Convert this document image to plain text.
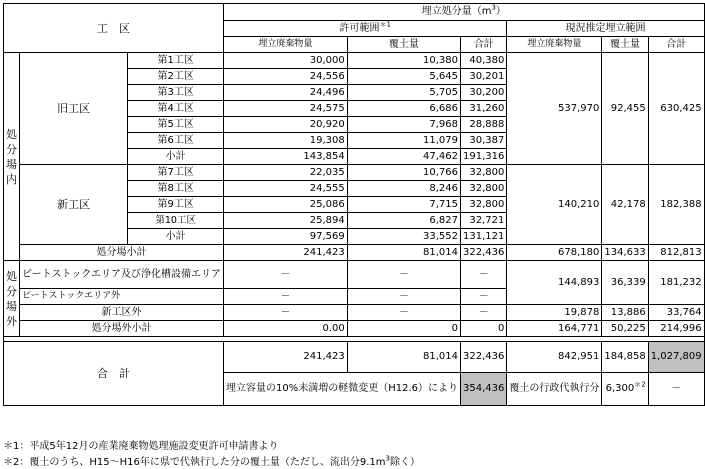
工　区			埋立処分量$(m^3)$					
			許可範囲$^{*1}$			現況推定埋立範囲		
			埋立廃棄物量	覆土量	合計	埋立廃棄物量	覆土量	合計

処
分
場
内	旧工区	第1工区	30,000	10,380	40,380	537,970	92,455	630,425
		第2工区	24,556	5,645	30,201			
		第3工区	24,496	5,705	30,200			
		第4工区	24,575	6,686	31,260			
		第5工区	20,920	7,968	28,888			
		第6工区	19,308	11,079	30,387			
		小計	143,854	47,462	191,316			
	新工区	第7工区	22,035	10,766	32,800	140,210	42,178	182,388
		第8工区	24,555	8,246	32,800			
		第9工区	25,086	7,715	32,800			
		第10工区	25,894	6,827	32,721			
		小計	97,569	33,552	131,121			
	処分場小計		241,423	81,014	322,436	678,180	134,633	812,813

処
分
場
外	ピートストックエリア及び浄化槽設備エリア		－	－	－	144,893	36,339	181,232
	ピートストックエリア外		－	－	－			
	新工区外		－	－	－	19,878	13,886	33,764
	処分場外小計		0.00	0	0	164,771	50,225	214,996

合　計			241,423	81,014	322,436	842,951	184,858	1,027,809
			埋立容量の10%未満増の軽微変更（H12.6）により		354,436	覆土の行政代執行分	$6,300^{*2}$	－
＊1：平成5年12月の産業廃棄物処理施設変更許可申請書より
＊2：覆土のうち、H15～H16年に県で代執行した分の覆土量（ただし、流出分$9.1m^3$除く）
